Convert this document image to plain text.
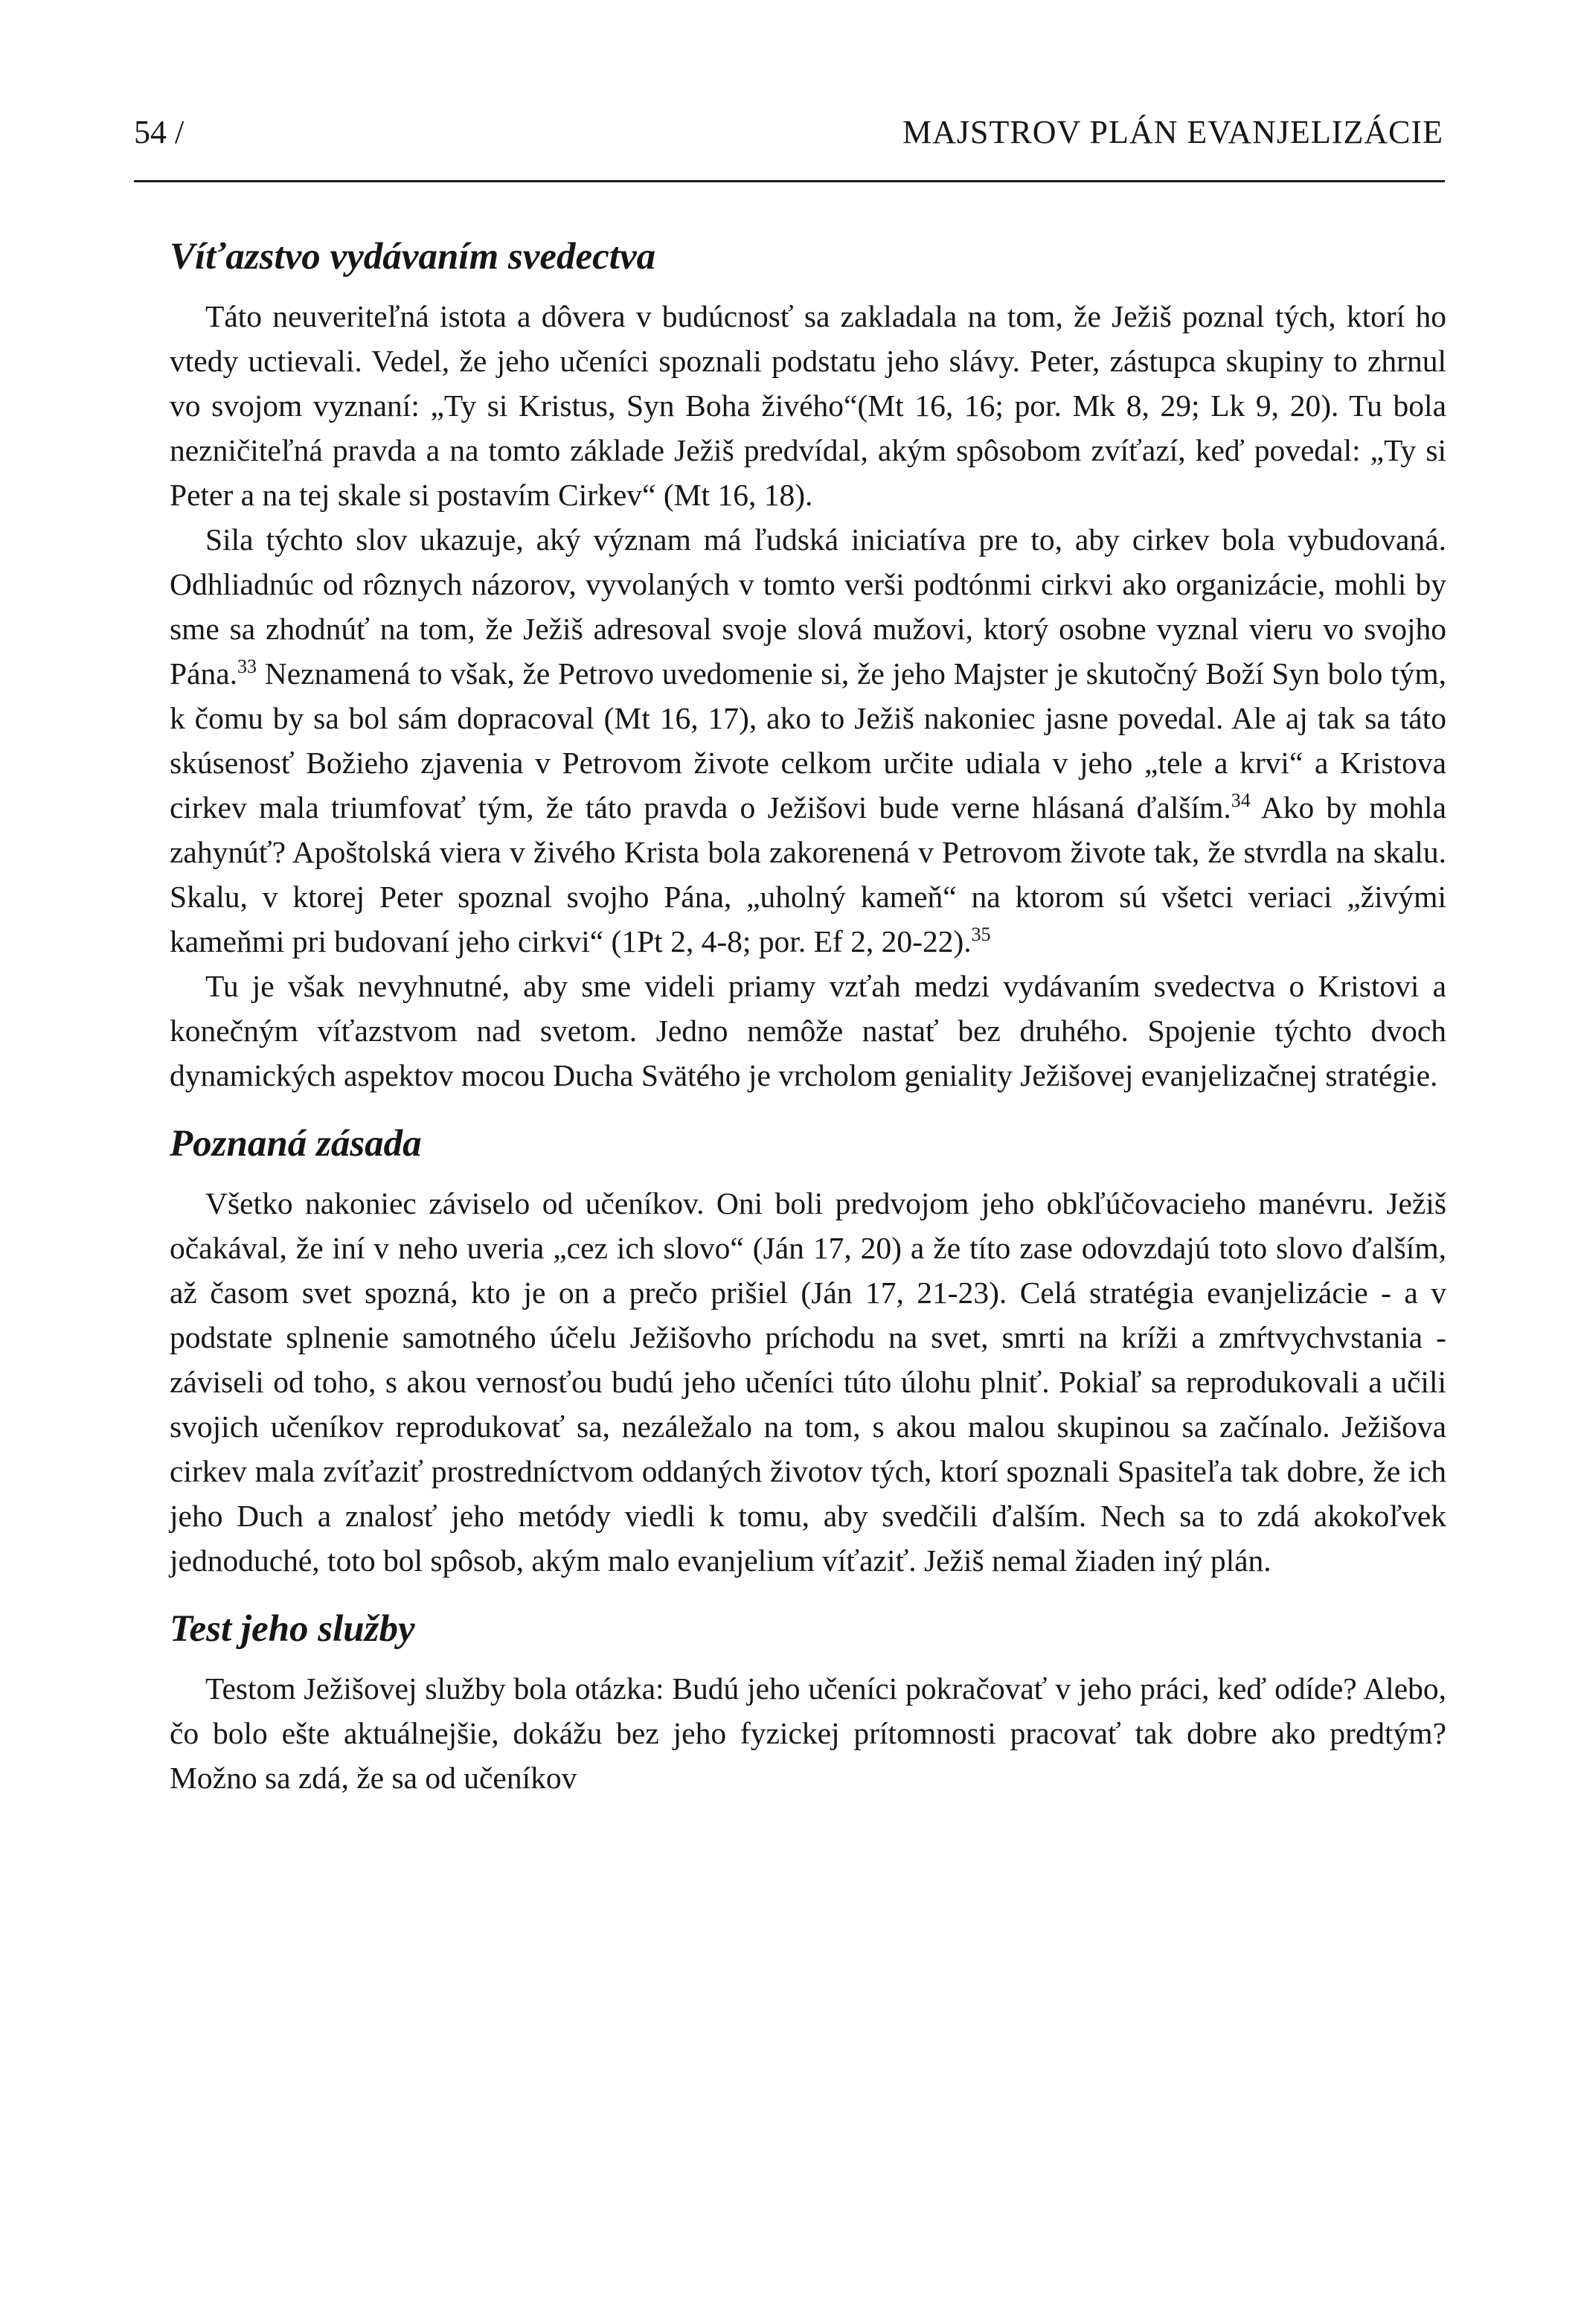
54 /	MAJSTROV PLÁN EVANJELIZÁCIE
Víťazstvo vydávaním svedectva

Táto neuveriteľná istota a dôvera v budúcnosť sa zakladala na tom, že Ježiš poznal tých, ktorí ho vtedy uctievali. Vedel, že jeho učeníci spoznali podstatu jeho slávy. Peter, zástupca skupiny to zhrnul vo svojom vyznaní: „Ty si Kristus, Syn Boha živého“(Mt 16, 16; por. Mk 8, 29; Lk 9, 20). Tu bola nezničiteľná pravda a na tomto základe Ježiš predvídal, akým spôsobom zvíťazí, keď povedal: „Ty si Peter a na tej skale si postavím Cirkev“ (Mt 16, 18).

Sila týchto slov ukazuje, aký význam má ľudská iniciatíva pre to, aby cirkev bola vybudovaná. Odhliadnúc od rôznych názorov, vyvolaných v tomto verši podtónmi cirkvi ako organizácie, mohli by sme sa zhodnúť na tom, že Ježiš adresoval svoje slová mužovi, ktorý osobne vyznal vieru vo svojho Pána.$^{33}$ Neznamená to však, že Petrovo uvedomenie si, že jeho Majster je skutočný Boží Syn bolo tým, k čomu by sa bol sám dopracoval (Mt 16, 17), ako to Ježiš nakoniec jasne povedal. Ale aj tak sa táto skúsenosť Božieho zjavenia v Petrovom živote celkom určite udiala v jeho „tele a krvi“ a Kristova cirkev mala triumfovať tým, že táto pravda o Ježišovi bude verne hlásaná ďalším.$^{34}$ Ako by mohla zahynúť? Apoštolská viera v živého Krista bola zakorenená v Petrovom živote tak, že stvrdla na skalu. Skalu, v ktorej Peter spoznal svojho Pána, „uholný kameň“ na ktorom sú všetci veriaci „živými kameňmi pri budovaní jeho cirkvi“ (1Pt 2, 4-8; por. Ef 2, 20-22).$^{35}$

Tu je však nevyhnutné, aby sme videli priamy vzťah medzi vydávaním svedectva o Kristovi a konečným víťazstvom nad svetom. Jedno nemôže nastať bez druhého. Spojenie týchto dvoch dynamických aspektov mocou Ducha Svätého je vrcholom geniality Ježišovej evanjelizačnej stratégie.

Poznaná zásada

Všetko nakoniec záviselo od učeníkov. Oni boli predvojom jeho obkľúčovacieho manévru. Ježiš očakával, že iní v neho uveria „cez ich slovo“ (Ján 17, 20) a že títo zase odovzdajú toto slovo ďalším, až časom svet spozná, kto je on a prečo prišiel (Ján 17, 21-23). Celá stratégia evanjelizácie - a v podstate splnenie samotného účelu Ježišovho príchodu na svet, smrti na kríži a zmŕtvychvstania - záviseli od toho, s akou vernosťou budú jeho učeníci túto úlohu plniť. Pokiaľ sa reprodukovali a učili svojich učeníkov reprodukovať sa, nezáležalo na tom, s akou malou skupinou sa začínalo. Ježišova cirkev mala zvíťaziť prostredníctvom oddaných životov tých, ktorí spoznali Spasiteľa tak dobre, že ich jeho Duch a znalosť jeho metódy viedli k tomu, aby svedčili ďalším. Nech sa to zdá akokoľvek jednoduché, toto bol spôsob, akým malo evanjelium víťaziť. Ježiš nemal žiaden iný plán.

Test jeho služby

Testom Ježišovej služby bola otázka: Budú jeho učeníci pokračovať v jeho práci, keď odíde? Alebo, čo bolo ešte aktuálnejšie, dokážu bez jeho fyzickej prítomnosti pracovať tak dobre ako predtým? Možno sa zdá, že sa od učeníkov
